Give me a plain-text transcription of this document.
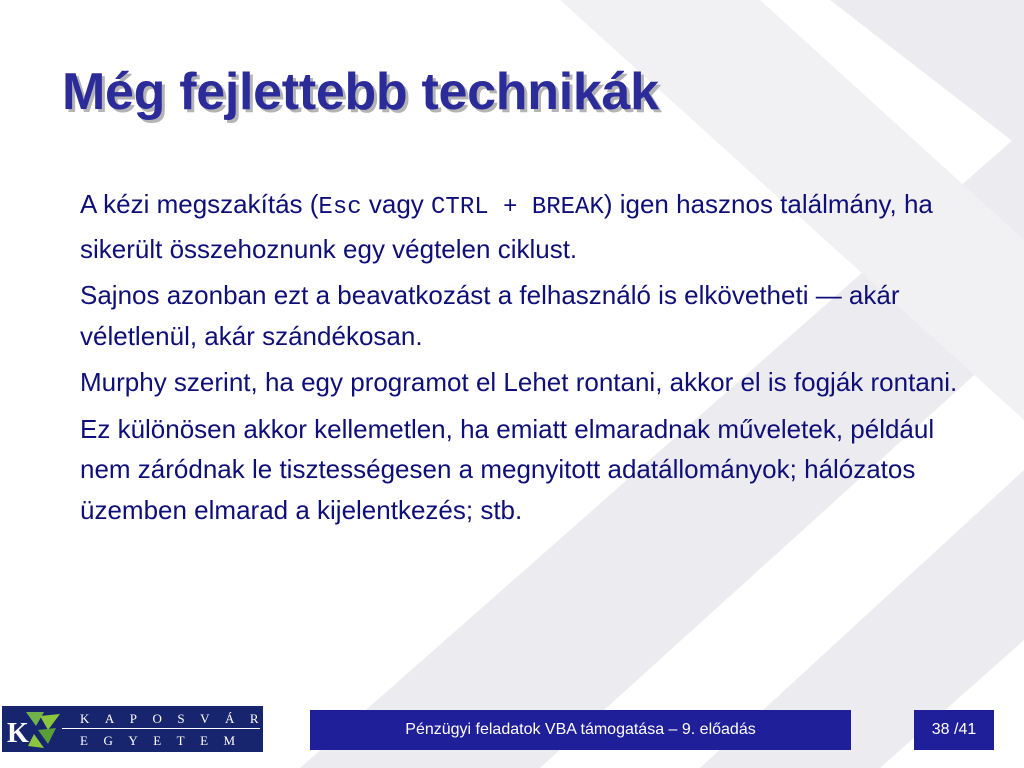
Még fejlettebb technikák

A kézi megszakítás (Esc vagy CTRL + BREAK) igen hasznos találmány, ha sikerült összehoznunk egy végtelen ciklust.

Sajnos azonban ezt a beavatkozást a felhasználó is elkövetheti — akár véletlenül, akár szándékosan.

Murphy szerint, ha egy programot el Lehet rontani, akkor el is fogják rontani.

Ez különösen akkor kellemetlen, ha emiatt elmaradnak műveletek, például nem záródnak le tisztességesen a megnyitott adatállományok; hálózatos üzemben elmarad a kijelentkezés; stb.

K	KAPOSVÁRI
EGYETEM
Pénzügyi feladatok VBA támogatása – 9. előadás	38 /41
